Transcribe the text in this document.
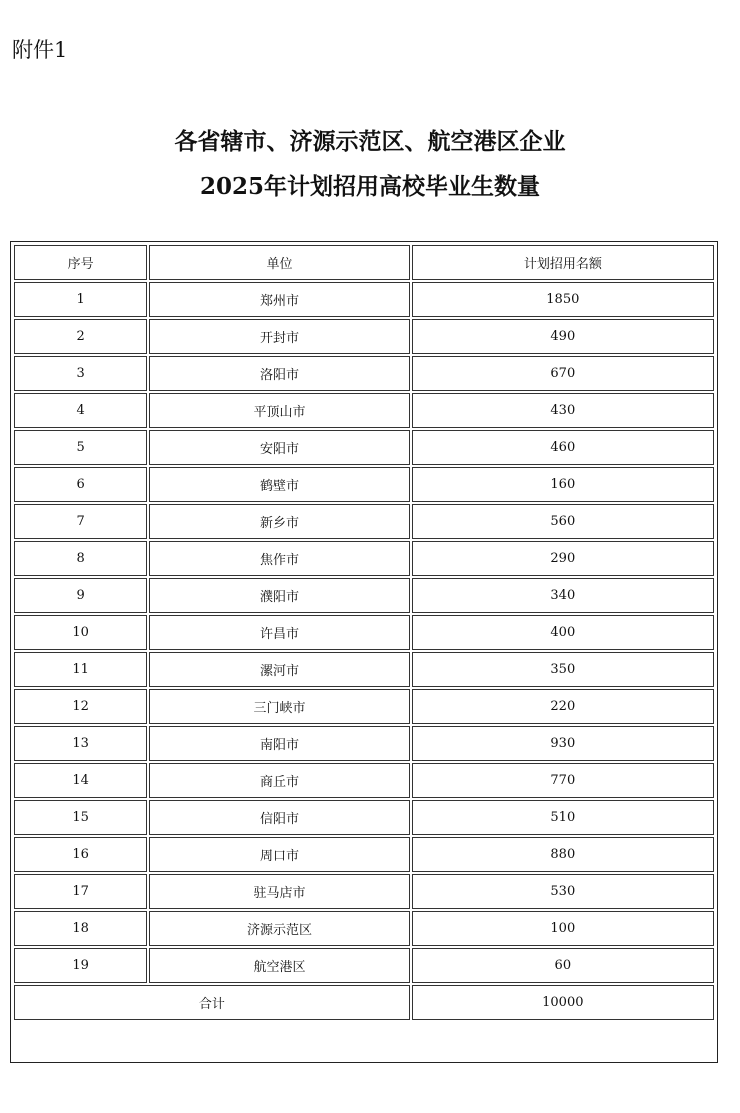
附件1
各省辖市、济源示范区、航空港区企业
2025年计划招用高校毕业生数量
序号	单位	计划招用名额
1	郑州市	1850
2	开封市	490
3	洛阳市	670
4	平顶山市	430
5	安阳市	460
6	鹤壁市	160
7	新乡市	560
8	焦作市	290
9	濮阳市	340
10	许昌市	400
11	漯河市	350
12	三门峡市	220
13	南阳市	930
14	商丘市	770
15	信阳市	510
16	周口市	880
17	驻马店市	530
18	济源示范区	100
19	航空港区	60
合计		10000
